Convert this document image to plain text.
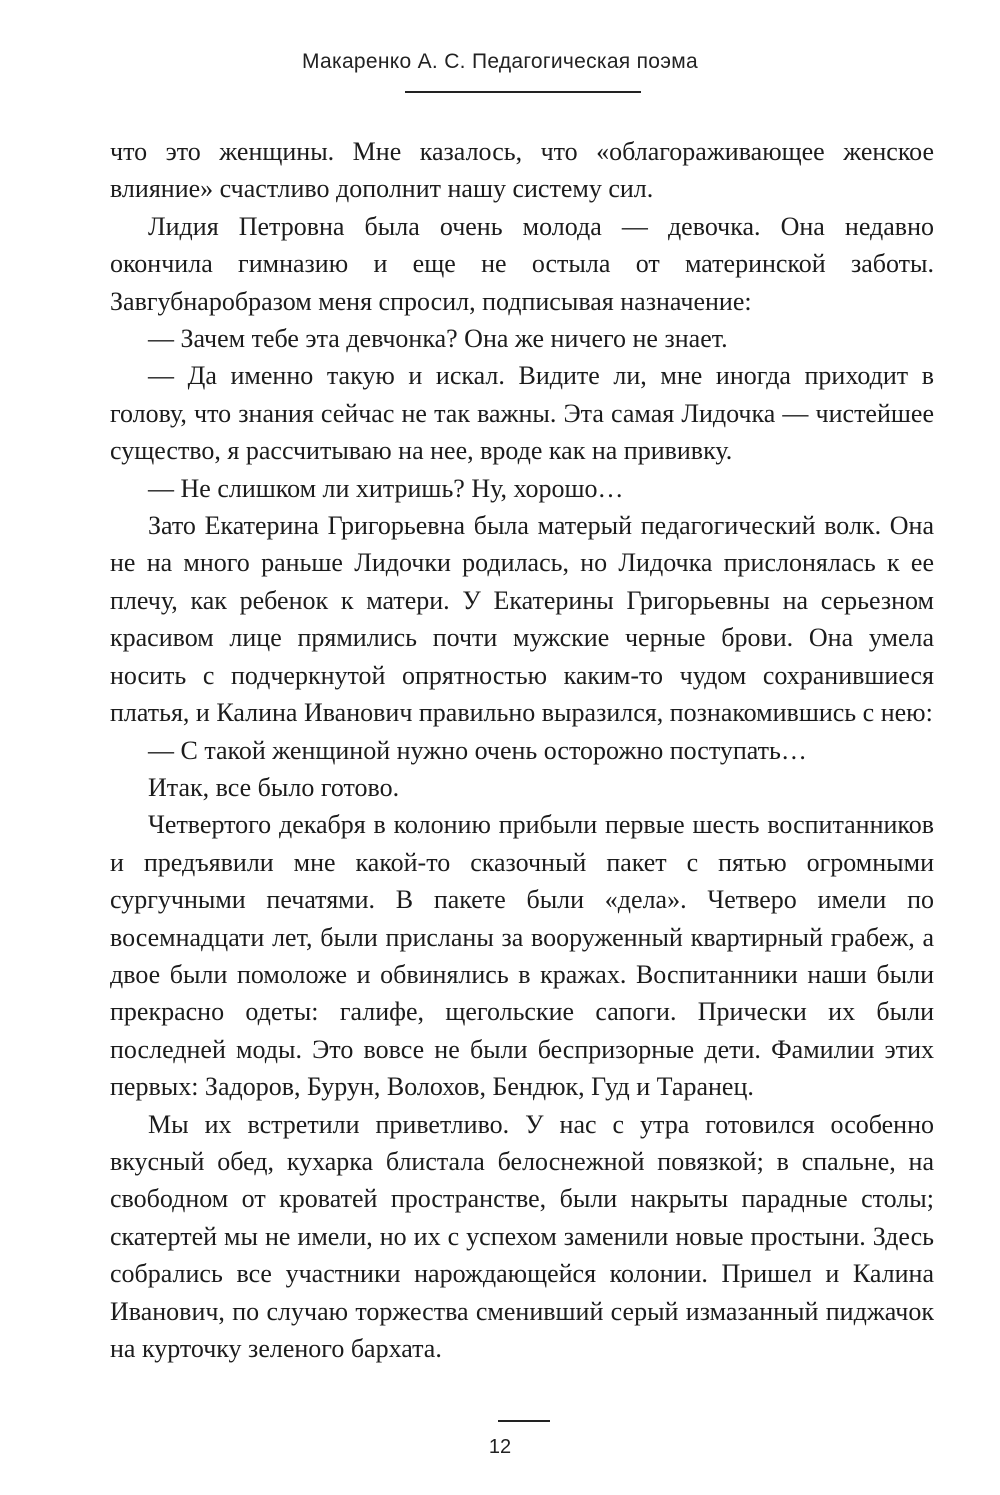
Макаренко А. С. Педагогическая поэма

что это женщины. Мне казалось, что «облагораживающее женское влияние» счастливо дополнит нашу систему сил.

Лидия Петровна была очень молода — девочка. Она недавно окончила гимназию и еще не остыла от материнской заботы. Завгубнаробразом меня спросил, подписывая назначение:

— Зачем тебе эта девчонка? Она же ничего не знает.

— Да именно такую и искал. Видите ли, мне иногда приходит в голову, что знания сейчас не так важны. Эта самая Лидочка — чистейшее существо, я рассчитываю на нее, вроде как на прививку.

— Не слишком ли хитришь? Ну, хорошо…

Зато Екатерина Григорьевна была матерый педагогический волк. Она не на много раньше Лидочки родилась, но Лидочка прислонялась к ее плечу, как ребенок к матери. У Екатерины Григорьевны на серьезном красивом лице прямились почти мужские черные брови. Она умела носить с подчеркнутой опрятностью каким-то чудом сохранившиеся платья, и Калина Иванович правильно выразился, познакомившись с нею:

— С такой женщиной нужно очень осторожно поступать…

Итак, все было готово.

Четвертого декабря в колонию прибыли первые шесть воспитанников и предъявили мне какой-то сказочный пакет с пятью огромными сургучными печатями. В пакете были «дела». Четверо имели по восемнадцати лет, были присланы за вооруженный квартирный грабеж, а двое были помоложе и обвинялись в кражах. Воспитанники наши были прекрасно одеты: галифе, щегольские сапоги. Прически их были последней моды. Это вовсе не были беспризорные дети. Фамилии этих первых: Задоров, Бурун, Волохов, Бендюк, Гуд и Таранец.

Мы их встретили приветливо. У нас с утра готовился особенно вкусный обед, кухарка блистала белоснежной повязкой; в спальне, на свободном от кроватей пространстве, были накрыты парадные столы; скатертей мы не имели, но их с успехом заменили новые простыни. Здесь собрались все участники нарождающейся колонии. Пришел и Калина Иванович, по случаю торжества сменивший серый измазанный пиджачок на курточку зеленого бархата.

12
